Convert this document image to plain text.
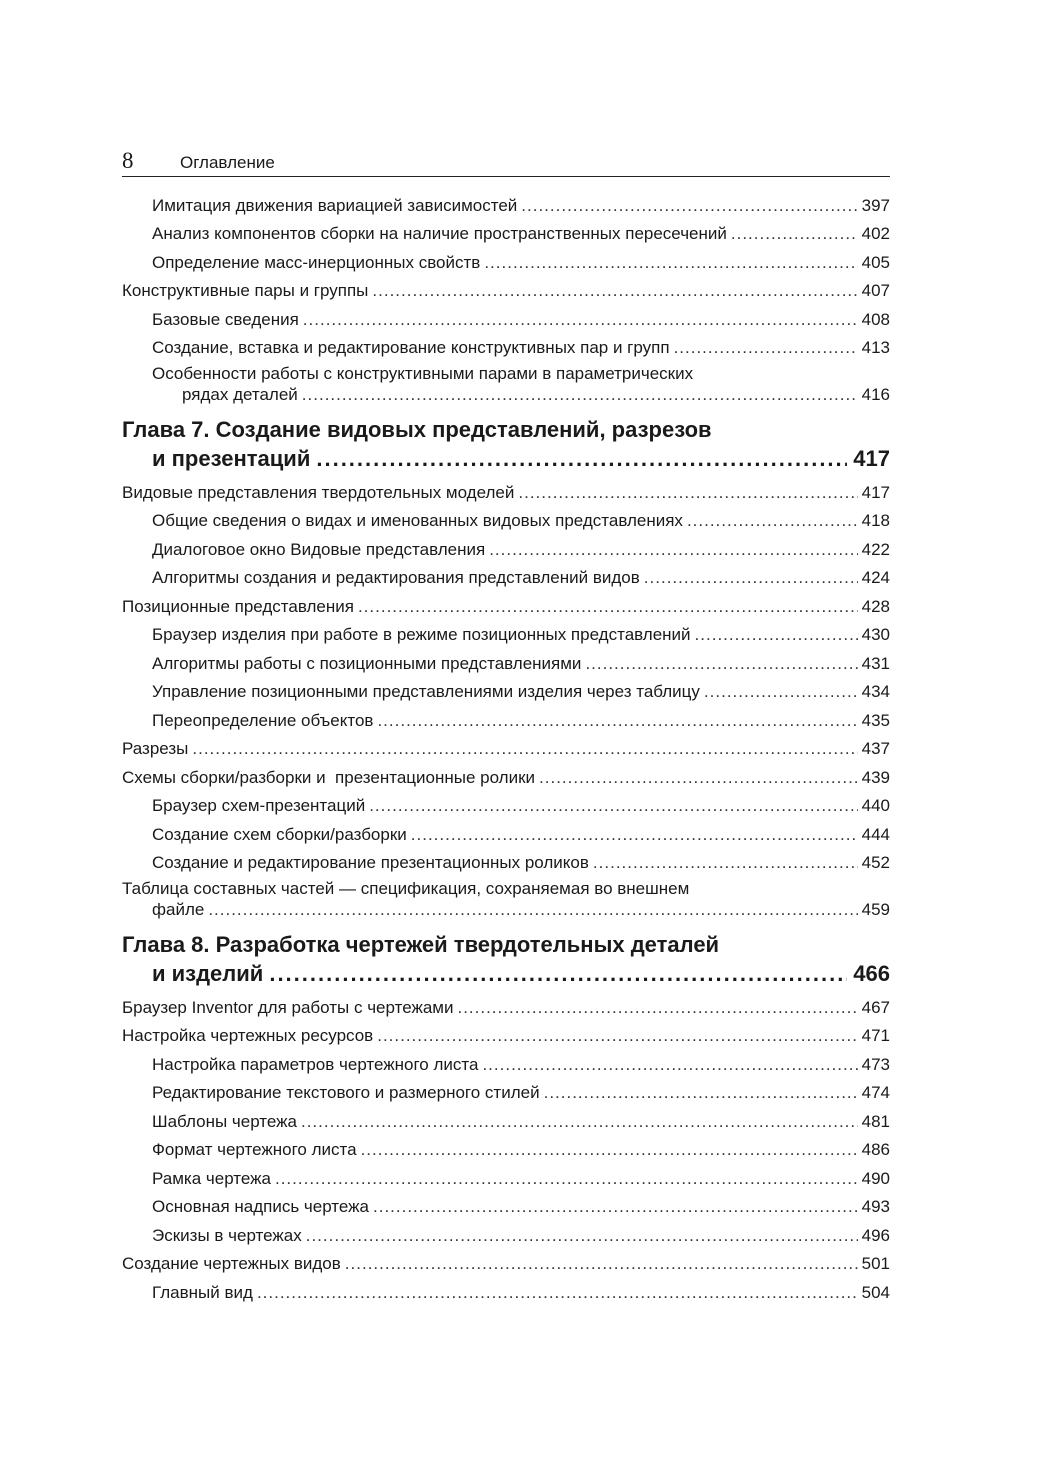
8	Оглавление
Имитация движения вариацией зависимостей .....	397
Анализ компонентов сборки на наличие пространственных пересечений .....	402
Определение масс-инерционных свойств .....	405
Конструктивные пары и группы .....	407
Базовые сведения .....	408
Создание, вставка и редактирование конструктивных пар и групп .....	413
Особенности работы с конструктивными парами в параметрических
рядах деталей .....	416
Глава 7. Создание видовых представлений, разрезов
и презентаций .....	417
Видовые представления твердотельных моделей .....	417
Общие сведения о видах и именованных видовых представлениях .....	418
Диалоговое окно Видовые представления .....	422
Алгоритмы создания и редактирования представлений видов .....	424
Позиционные представления .....	428
Браузер изделия при работе в режиме позиционных представлений .....	430
Алгоритмы работы с позиционными представлениями .....	431
Управление позиционными представлениями изделия через таблицу .....	434
Переопределение объектов .....	435
Разрезы .....	437
Схемы сборки/разборки и  презентационные ролики .....	439
Браузер схем-презентаций .....	440
Создание схем сборки/разборки .....	444
Создание и редактирование презентационных роликов .....	452
Таблица составных частей — спецификация, сохраняемая во внешнем
файле .....	459
Глава 8. Разработка чертежей твердотельных деталей
и изделий .....	466
Браузер Inventor для работы с чертежами .....	467
Настройка чертежных ресурсов .....	471
Настройка параметров чертежного листа .....	473
Редактирование текстового и размерного стилей .....	474
Шаблоны чертежа .....	481
Формат чертежного листа .....	486
Рамка чертежа .....	490
Основная надпись чертежа .....	493
Эскизы в чертежах .....	496
Создание чертежных видов .....	501
Главный вид .....	504
